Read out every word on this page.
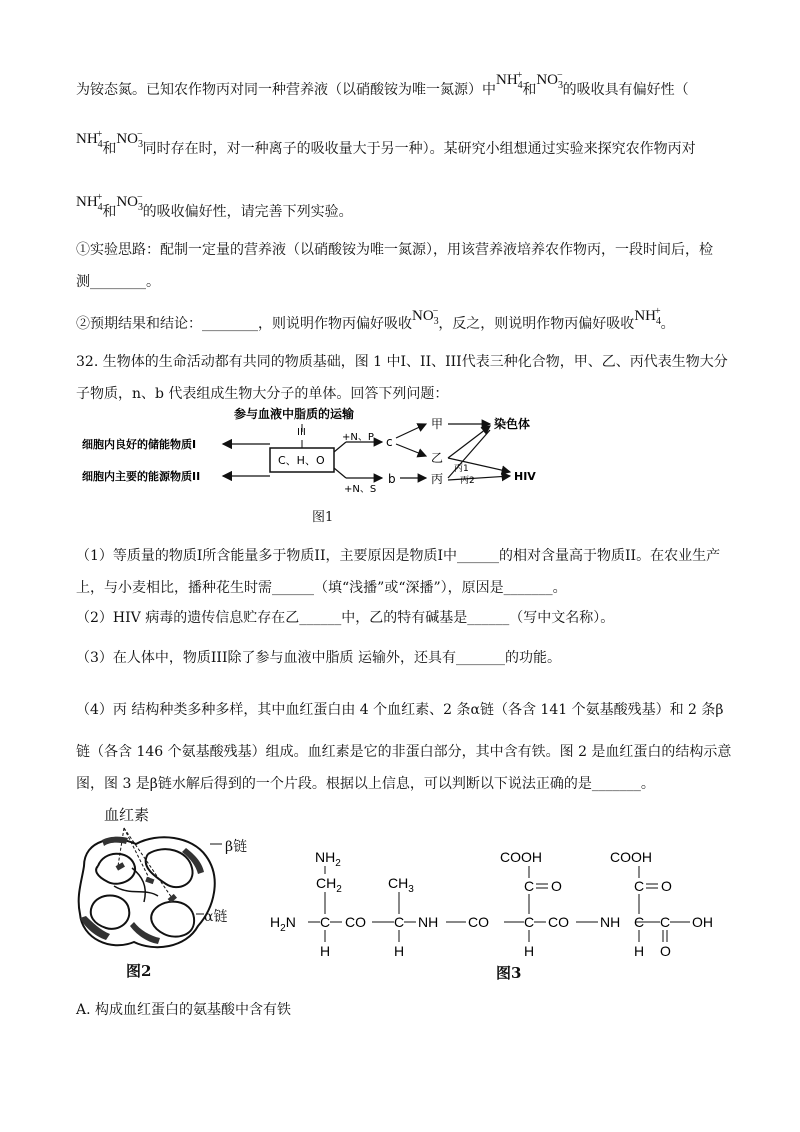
为铵态氮。已知农作物丙对同一种营养液（以硝酸铵为唯一氮源）中$NH_4^+$和$NO_3^-$的吸收具有偏好性（
$NH_4^+$和$NO_3^-$同时存在时，对一种离子的吸收量大于另一种）。某研究小组想通过实验来探究农作物丙对
$NH_4^+$和$NO_3^-$的吸收偏好性，请完善下列实验。
①实验思路：配制一定量的营养液（以硝酸铵为唯一氮源），用该营养液培养农作物丙，一段时间后，检
测________。
②预期结果和结论：________，则说明作物丙偏好吸收$NO_3^-$，反之，则说明作物丙偏好吸收$NH_4^+$。
32. 生物体的生命活动都有共同的物质基础，图 1 中I、II、III代表三种化合物，甲、乙、丙代表生物大分
子物质，n、b 代表组成生物大分子的单体。回答下列问题：
参与血液中脂质的运输
III
细胞内良好的储能物质I
细胞内主要的能源物质II
C、H、O
+N、P
+N、S
c
b
甲
乙
丙
染色体
HIV
丙1
丙2
图1
（1）等质量的物质I所含能量多于物质II，主要原因是物质I中______的相对含量高于物质II。在农业生产
上，与小麦相比，播种花生时需______（填“浅播”或“深播”），原因是_______。
（2）HIV 病毒的遗传信息贮存在乙______中，乙的特有碱基是______（写中文名称）。
（3）在人体中，物质III除了参与血液中脂质 运输外，还具有_______的功能。
（4）丙 结构种类多种多样，其中血红蛋白由 4 个血红素、2 条α链（各含 141 个氨基酸残基）和 2 条β
链（各含 146 个氨基酸残基）组成。血红素是它的非蛋白部分，其中含有铁。图 2 是血红蛋白的结构示意
图，图 3 是β链水解后得到的一个片段。根据以上信息，可以判断以下说法正确的是_______。
血红素
β链
α链
图2
$NH_2$
$CH_2$
$H_2N$ C CO
H
NH
$CH_3$
C
H
CO
COOH
C O
C
H
CO NH
COOH
C O
C
H
C
O
OH
图3
A. 构成血红蛋白的氨基酸中含有铁
